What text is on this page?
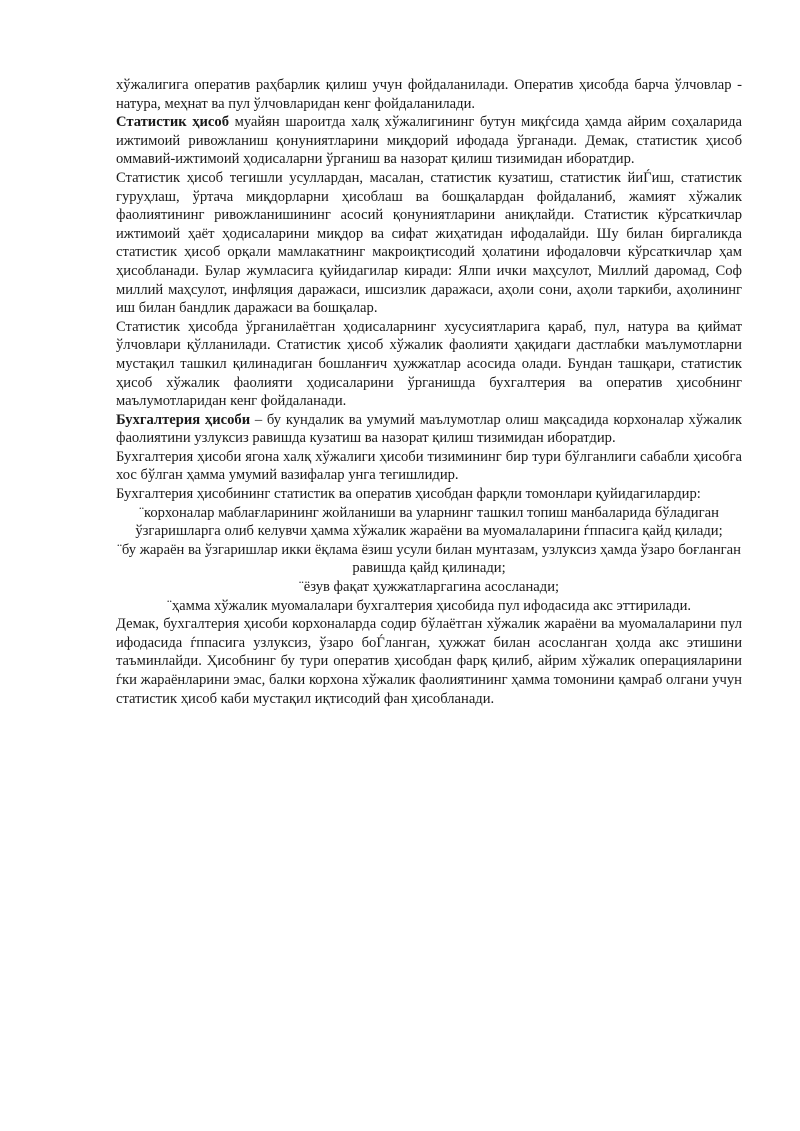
хўжалигига оператив раҳбарлик қилиш учун фойдаланилади. Оператив ҳисобда барча ўлчовлар - натура, меҳнат ва пул ўлчовларидан кенг фойдаланилади.

Статистик ҳисоб муайян шароитда халқ хўжалигининг бутун миқѓсида ҳамда айрим соҳаларида ижтимоий ривожланиш қонуниятларини миқдорий ифодада ўрганади. Демак, статистик ҳисоб оммавий-ижтимоий ҳодисаларни ўрганиш ва назорат қилиш тизимидан иборатдир.

Статистик ҳисоб тегишли усуллардан, масалан, статистик кузатиш, статистик йиЃиш, статистик гуруҳлаш, ўртача миқдорларни ҳисоблаш ва бошқалардан фойдаланиб, жамият хўжалик фаолиятининг ривожланишининг асосий қонуниятларини аниқлайди. Статистик кўрсаткичлар ижтимоий ҳаёт ҳодисаларини миқдор ва сифат жиҳатидан ифодалайди. Шу билан биргаликда статистик ҳисоб орқали мамлакатнинг макроиқтисодий ҳолатини ифодаловчи кўрсаткичлар ҳам ҳисобланади. Булар жумласига қуйидагилар киради: Ялпи ички маҳсулот, Миллий даромад, Соф миллий маҳсулот, инфляция даражаси, ишсизлик даражаси, аҳоли сони, аҳоли таркиби, аҳолининг иш билан бандлик даражаси ва бошқалар.

Статистик ҳисобда ўрганилаётган ҳодисаларнинг хусусиятларига қараб, пул, натура ва қиймат ўлчовлари қўлланилади. Статистик ҳисоб хўжалик фаолияти ҳақидаги дастлабки маълумотларни мустақил ташкил қилинадиган бошланғич ҳужжатлар асосида олади. Бундан ташқари, статистик ҳисоб хўжалик фаолияти ҳодисаларини ўрганишда бухгалтерия ва оператив ҳисобнинг маълумотларидан кенг фойдаланади.

Бухгалтерия ҳисоби – бу кундалик ва умумий маълумотлар олиш мақсадида корхоналар хўжалик фаолиятини узлуксиз равишда кузатиш ва назорат қилиш тизимидан иборатдир.

Бухгалтерия ҳисоби ягона халқ хўжалиги ҳисоби тизимининг бир тури бўлганлиги сабабли ҳисобга хос бўлган ҳамма умумий вазифалар унга тегишлидир.

Бухгалтерия ҳисобининг статистик ва оператив ҳисобдан фарқли томонлари қуйидагилардир:

¨корхоналар маблағларининг жойланиши ва уларнинг ташкил топиш манбаларида бўладиган ўзгаришларга олиб келувчи ҳамма хўжалик жараёни ва муомалаларини ѓппасига қайд қилади;

¨бу жараён ва ўзгаришлар икки ёқлама ёзиш усули билан мунтазам, узлуксиз ҳамда ўзаро боғланган равишда қайд қилинади;

¨ёзув фақат ҳужжатларгагина асосланади;

¨ҳамма хўжалик муомалалари бухгалтерия ҳисобида пул ифодасида акс эттирилади.

Демак, бухгалтерия ҳисоби корхоналарда содир бўлаётган хўжалик жараёни ва муомалаларини пул ифодасида ѓппасига узлуксиз, ўзаро боЃланган, ҳужжат билан асосланган ҳолда акс этишини таъминлайди. Ҳисобнинг бу тури оператив ҳисобдан фарқ қилиб, айрим хўжалик операцияларини ѓки жараёнларини эмас, балки корхона хўжалик фаолиятининг ҳамма томонини қамраб олгани учун статистик ҳисоб каби мустақил иқтисодий фан ҳисобланади.
